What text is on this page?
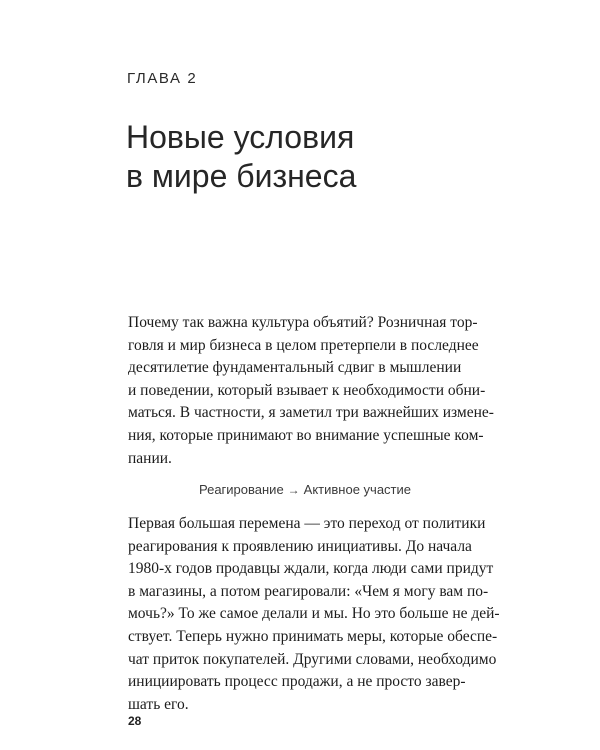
ГЛАВА 2
Новые условия
в мире бизнеса

Почему так важна культура объятий? Розничная тор-
говля и мир бизнеса в целом претерпели в последнее
десятилетие фундаментальный сдвиг в мышлении
и поведении, который взывает к необходимости обни-
маться. В частности, я заметил три важнейших измене-
ния, которые принимают во внимание успешные ком-
пании.

Реагирование → Активное участие

Первая большая перемена — это переход от политики
реагирования к проявлению инициативы. До начала
1980-х годов продавцы ждали, когда люди сами придут
в магазины, а потом реагировали: «Чем я могу вам по-
мочь?» То же самое делали и мы. Но это больше не дей-
ствует. Теперь нужно принимать меры, которые обеспе-
чат приток покупателей. Другими словами, необходимо
инициировать процесс продажи, а не просто завер-
шать его.

28
